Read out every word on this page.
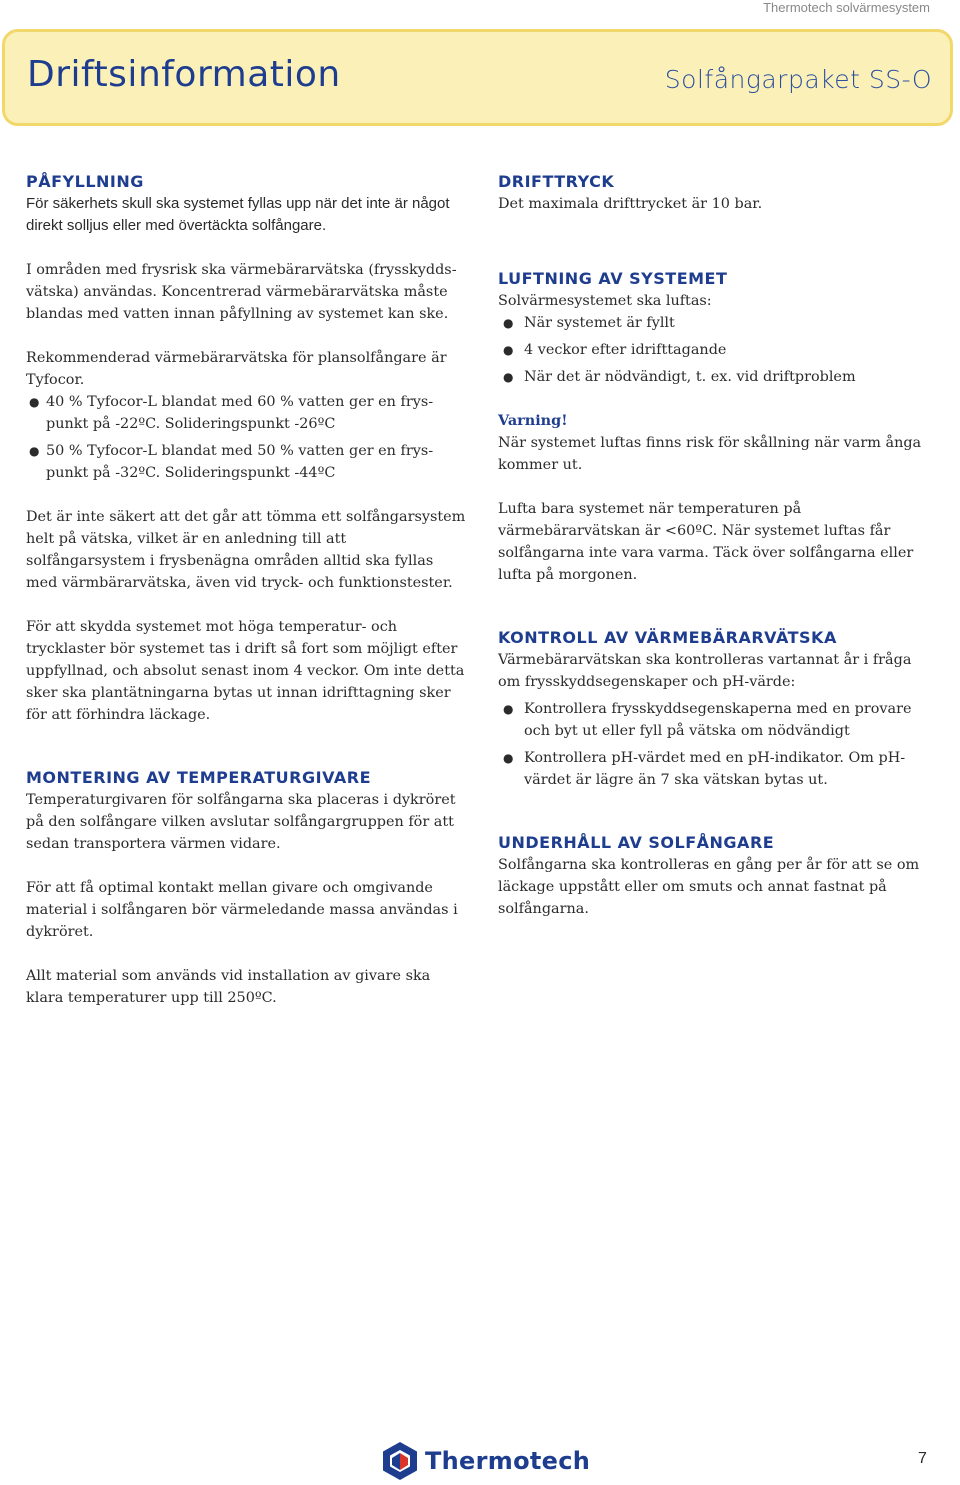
Thermotech solvärmesystem
Driftsinformation	Solfångarpaket SS-O
PÅFYLLNING

För säkerhets skull ska systemet fyllas upp när det inte är något direkt solljus eller med övertäckta solfångare.

I områden med frysrisk ska värmebärarvätska (frysskydds-vätska) användas. Koncentrerad värmebärarvätska måste blandas med vatten innan påfyllning av systemet kan ske.

Rekommenderad värmebärarvätska för plansolfångare är Tyfocor.

● 40 % Tyfocor-L blandat med 60 % vatten ger en frys-punkt på -22ºC. Solideringspunkt -26ºC
● 50 % Tyfocor-L blandat med 50 % vatten ger en frys-punkt på -32ºC. Solideringspunkt -44ºC

Det är inte säkert att det går att tömma ett solfångarsystem helt på vätska, vilket är en anledning till att solfångarsystem i frysbenägna områden alltid ska fyllas med värmbärarvätska, även vid tryck- och funktionstester.

För att skydda systemet mot höga temperatur- och trycklaster bör systemet tas i drift så fort som möjligt efter uppfyllnad, och absolut senast inom 4 veckor. Om inte detta sker ska plantätningarna bytas ut innan idrifttagning sker för att förhindra läckage.

MONTERING AV TEMPERATURGIVARE

Temperaturgivaren för solfångarna ska placeras i dykröret på den solfångare vilken avslutar solfångargruppen för att sedan transportera värmen vidare.

För att få optimal kontakt mellan givare och omgivande material i solfångaren bör värmeledande massa användas i dykröret.

Allt material som används vid installation av givare ska klara temperaturer upp till 250ºC.

DRIFTTRYCK

Det maximala drifttrycket är 10 bar.

LUFTNING AV SYSTEMET

Solvärmesystemet ska luftas:

● När systemet är fyllt
● 4 veckor efter idrifttagande
● När det är nödvändigt, t. ex. vid driftproblem
Varning!

När systemet luftas finns risk för skållning när varm ånga kommer ut.

Lufta bara systemet när temperaturen på värmebärarvätskan är <60ºC. När systemet luftas får solfångarna inte vara varma. Täck över solfångarna eller lufta på morgonen.

KONTROLL AV VÄRMEBÄRARVÄTSKA

Värmebärarvätskan ska kontrolleras vartannat år i fråga om frysskyddsegenskaper och pH-värde:

● Kontrollera frysskyddsegenskaperna med en provare och byt ut eller fyll på vätska om nödvändigt
● Kontrollera pH-värdet med en pH-indikator. Om pH-värdet är lägre än 7 ska vätskan bytas ut.
UNDERHÅLL AV SOLFÅNGARE

Solfångarna ska kontrolleras en gång per år för att se om läckage uppstått eller om smuts och annat fastnat på solfångarna.

Thermotech	7
